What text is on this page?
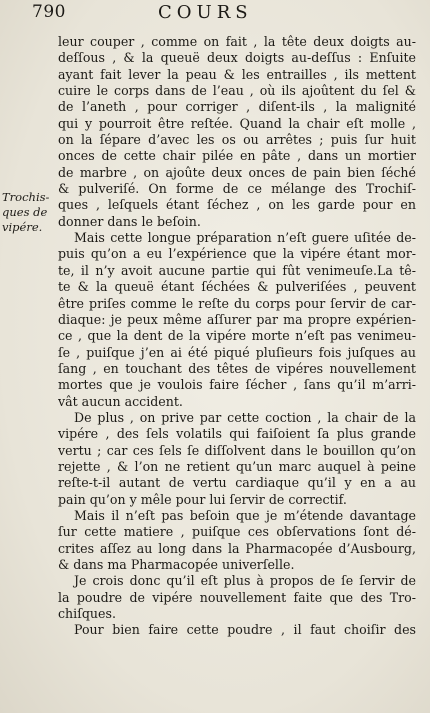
790	COURS
Trochis-
ques de
vipére.
leur couper , comme on fait , la tête deux doigts au-
deſſous , & la queuë deux doigts au-deſſus : Enſuite
ayant fait lever la peau & les entrailles , ils mettent
cuire le corps dans de l’eau , où ils ajoûtent du ſel &
de l’aneth , pour corriger , diſent-ils , la malignité
qui y pourroit être reſtée. Quand la chair eſt molle ,
on la ſépare d’avec les os ou arrêtes ; puis ſur huit
onces de cette chair pilée en pâte , dans un mortier
de marbre , on ajoûte deux onces de pain bien ſéché
& pulveriſé. On forme de ce mélange des Trochiſ-
ques , leſquels étant ſéchez , on les garde pour en
donner dans le beſoin.
Mais cette longue préparation n’eſt guere uſitée de-
puis qu’on a eu l’expérience que la vipére étant mor-
te, il n’y avoit aucune partie qui fût venimeuſe.La tê-
te & la queuë étant ſéchées & pulveriſées , peuvent
être priſes comme le reſte du corps pour ſervir de car-
diaque: je peux même aſſurer par ma propre expérien-
ce , que la dent de la vipére morte n’eſt pas venimeu-
ſe , puiſque j’en ai été piqué pluſieurs fois juſques au
ſang , en touchant des têtes de vipéres nouvellement
mortes que je voulois faire ſécher , ſans qu’il m’arri-
vât aucun accident.
De plus , on prive par cette coction , la chair de la
vipére , des ſels volatils qui faiſoient ſa plus grande
vertu ; car ces ſels ſe diſſolvent dans le bouillon qu’on
rejette , & l’on ne retient qu’un marc auquel à peine
reſte-t-il autant de vertu cardiaque qu’il y en a au
pain qu’on y mêle pour lui ſervir de correctif.
Mais il n’eſt pas beſoin que je m’étende davantage
ſur cette matiere , puiſque ces obſervations ſont dé-
crites aſſez au long dans la Pharmacopée d’Ausbourg,
& dans ma Pharmacopée univerſelle.
Je crois donc qu’il eſt plus à propos de ſe ſervir de
la poudre de vipére nouvellement faite que des Tro-
chiſques.
Pour bien faire cette poudre , il faut choiſir des
